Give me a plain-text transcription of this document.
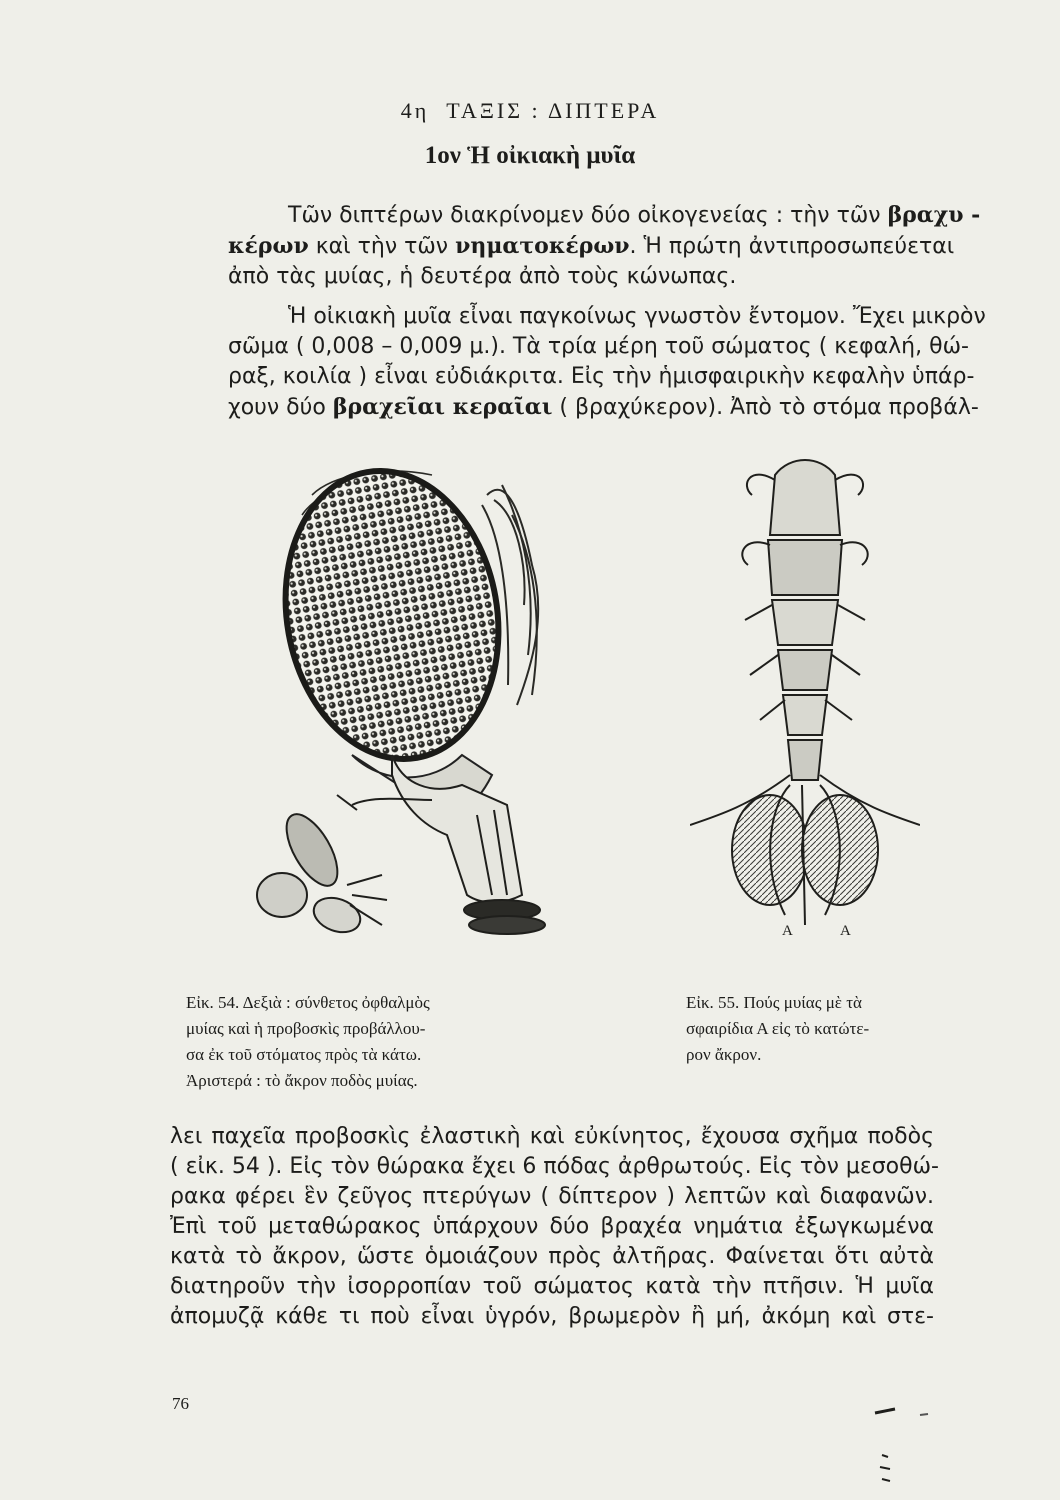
4η ΤΑΞΙΣ : ΔΙΠΤΕΡΑ
1ον Ἡ οἰκιακὴ μυῖα
Τῶν διπτέρων διακρίνομεν δύο οἰκογενείας : τὴν τῶν βραχυ -
κέρων καὶ τὴν τῶν νηματοκέρων. Ἡ πρώτη ἀντιπροσωπεύεται
ἀπὸ τὰς μυίας, ἡ δευτέρα ἀπὸ τοὺς κώνωπας.
Ἡ οἰκιακὴ μυῖα εἶναι παγκοίνως γνωστὸν ἔντομον. Ἔχει μικρὸν
σῶμα ( 0,008 – 0,009 μ.). Τὰ τρία μέρη τοῦ σώματος ( κεφαλή, θώ-
ραξ, κοιλία ) εἶναι εὐδιάκριτα. Εἰς τὴν ἡμισφαιρικὴν κεφαλὴν ὑπάρ-
χουν δύο βραχεῖαι κεραῖαι ( βραχύκερον). Ἀπὸ τὸ στόμα προβάλ-
A	A
Εἰκ. 54. Δεξιὰ : σύνθετος ὀφθαλμὸς
μυίας καὶ ἡ προβοσκὶς προβάλλου-
σα ἐκ τοῦ στόματος πρὸς τὰ κάτω.
Ἀριστερά : τὸ ἄκρον ποδὸς μυίας.
Εἰκ. 55. Πούς μυίας μὲ τὰ
σφαιρίδια Α εἰς τὸ κατώτε-
ρον ἄκρον.
λει παχεῖα προβοσκὶς ἐλαστικὴ καὶ εὐκίνητος, ἔχουσα σχῆμα ποδὸς
( εἰκ. 54 ). Εἰς τὸν θώρακα ἔχει 6 πόδας ἀρθρωτούς. Εἰς τὸν μεσοθώ-
ρακα φέρει ἓν ζεῦγος πτερύγων ( δίπτερον ) λεπτῶν καὶ διαφανῶν.
Ἐπὶ τοῦ μεταθώρακος ὑπάρχουν δύο βραχέα νημάτια ἐξωγκωμένα
κατὰ τὸ ἄκρον, ὥστε ὁμοιάζουν πρὸς ἀλτῆρας. Φαίνεται ὅτι αὐτὰ
διατηροῦν τὴν ἰσορροπίαν τοῦ σώματος κατὰ τὴν πτῆσιν. Ἡ μυῖα
ἀπομυζᾷ κάθε τι ποὺ εἶναι ὑγρόν, βρωμερὸν ἢ μή, ἀκόμη καὶ στε-
76
